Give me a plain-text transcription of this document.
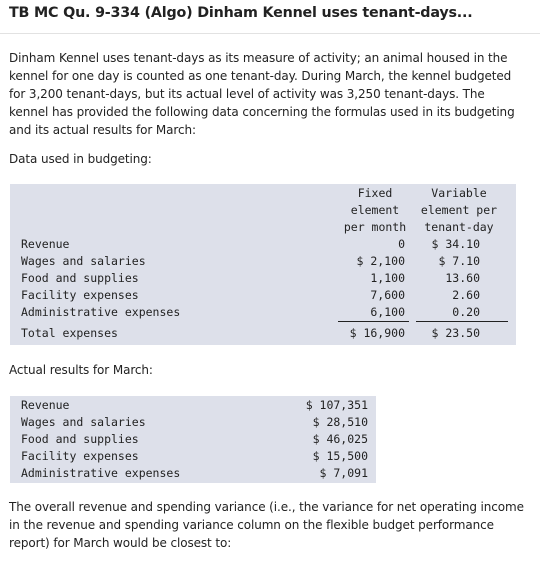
TB MC Qu. 9-334 (Algo) Dinham Kennel uses tenant-days...
Dinham Kennel uses tenant-days as its measure of activity; an animal housed in the kennel for one day is counted as one tenant-day. During March, the kennel budgeted for 3,200 tenant-days, but its actual level of activity was 3,250 tenant-days. The kennel has provided the following data concerning the formulas used in its budgeting and its actual results for March:
Data used in budgeting:
Fixed
element
per month
Variable
element per
tenant-day
Revenue	0	$ 34.10
Wages and salaries	$ 2,100	$ 7.10
Food and supplies	1,100	13.60
Facility expenses	7,600	2.60
Administrative expenses	6,100	0.20
Total expenses	$ 16,900	$ 23.50
Actual results for March:
Revenue	$ 107,351
Wages and salaries	$ 28,510
Food and supplies	$ 46,025
Facility expenses	$ 15,500
Administrative expenses	$ 7,091
The overall revenue and spending variance (i.e., the variance for net operating income in the revenue and spending variance column on the flexible budget performance report) for March would be closest to:
